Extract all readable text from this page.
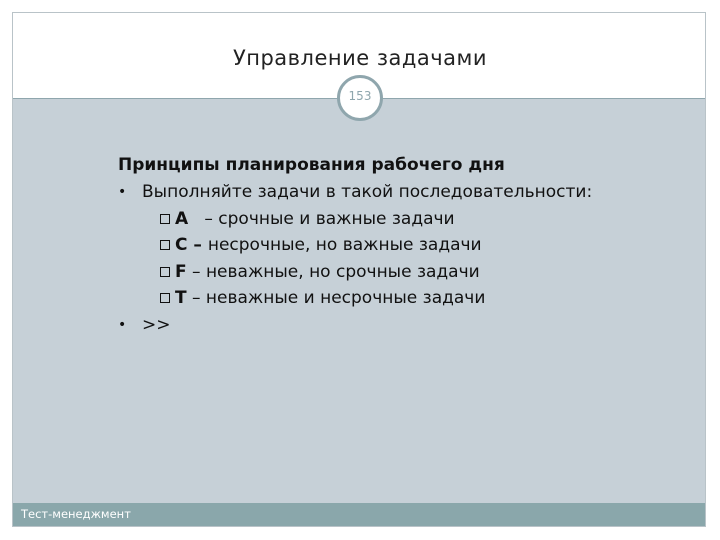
Управление задачами
153
Принципы планирования рабочего дня
• Выполняйте задачи в такой последовательности:
A   – срочные и важные задачи
C – несрочные, но важные задачи
F – неважные, но срочные задачи
T – неважные и несрочные задачи
• >>
Тест-менеджмент
